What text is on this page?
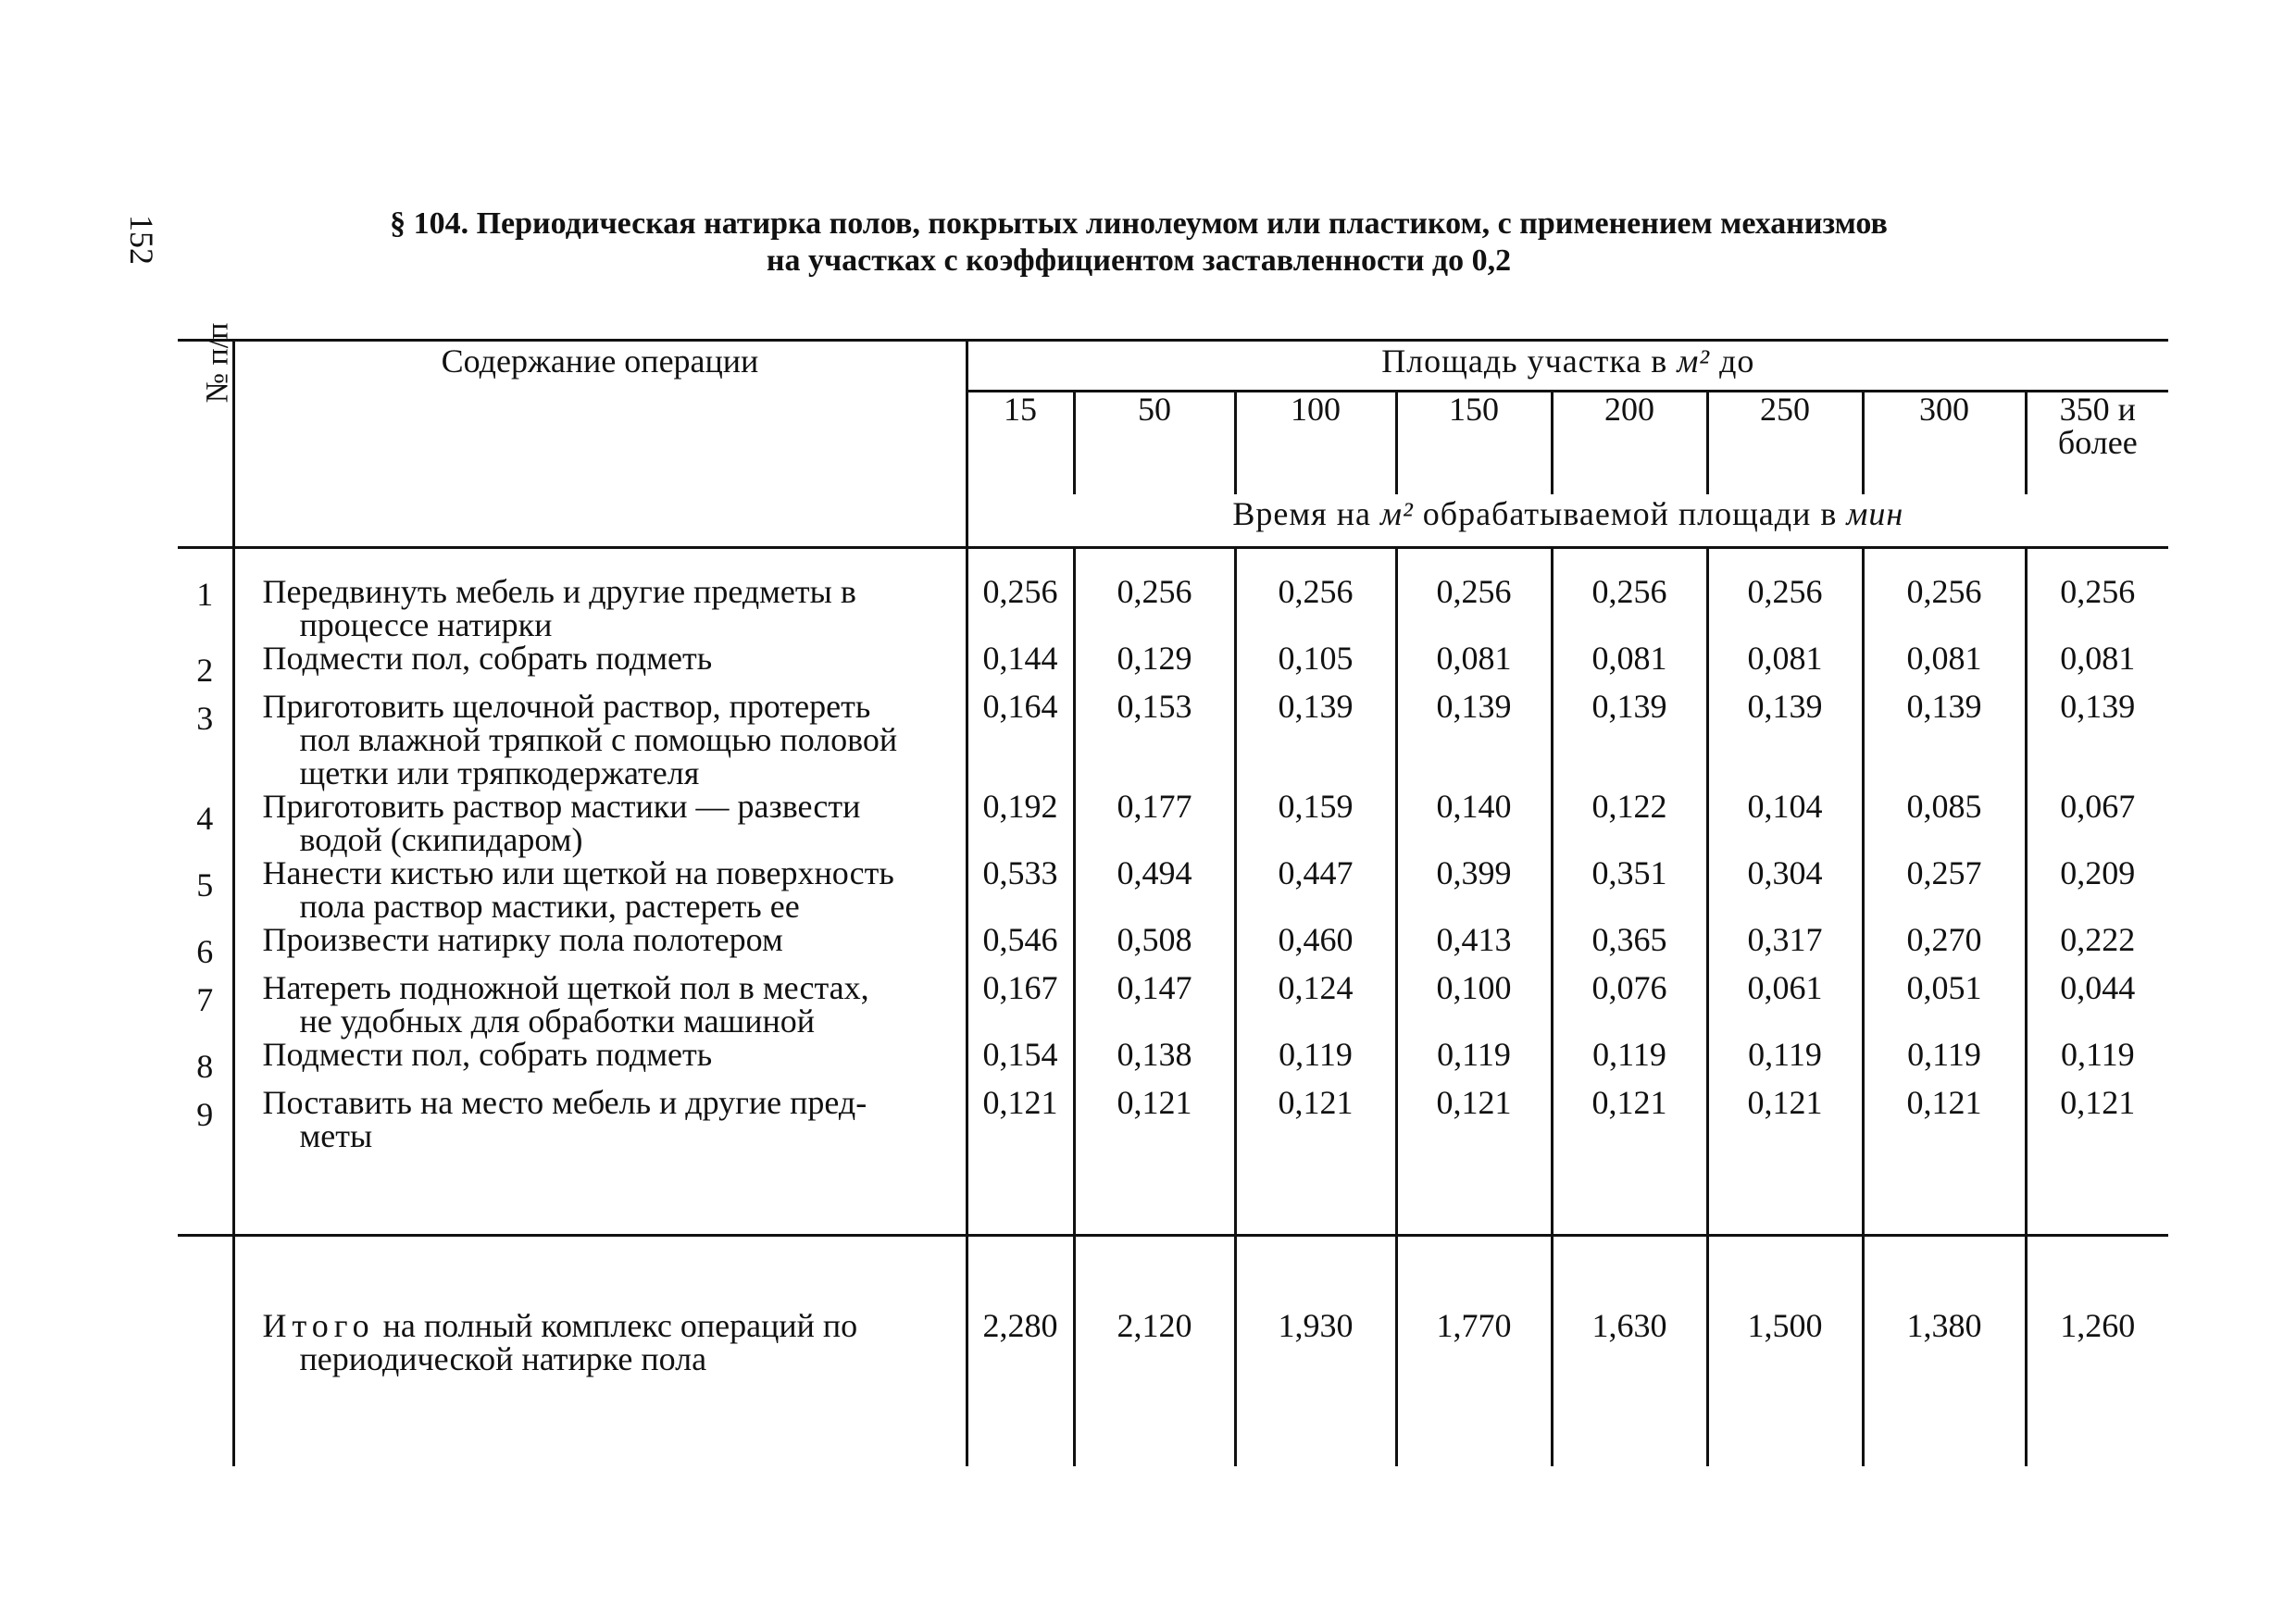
152	§ 104. Периодическая натирка полов, покрытых линолеумом или пластиком, с применением механизмов
на участках с коэффициентом заставленности до 0,2
№ п/п	Содержание операции	Площадь участка в м² до							
		15	50	100	150	200	250	300	350 и более
		Время на м² обрабатываемой площади в мин							
1	Передвинуть мебель и другие предметы в
процессе натирки	0,256	0,256	0,256	0,256	0,256	0,256	0,256	0,256
2	Подмести пол, собрать подметь	0,144	0,129	0,105	0,081	0,081	0,081	0,081	0,081
3	Приготовить щелочной раствор, протереть
пол влажной тряпкой с помощью половой
щетки или тряпкодержателя	0,164	0,153	0,139	0,139	0,139	0,139	0,139	0,139
4	Приготовить раствор мастики — развести
водой (скипидаром)	0,192	0,177	0,159	0,140	0,122	0,104	0,085	0,067
5	Нанести кистью или щеткой на поверхность
пола раствор мастики, растереть ее	0,533	0,494	0,447	0,399	0,351	0,304	0,257	0,209
6	Произвести натирку пола полотером	0,546	0,508	0,460	0,413	0,365	0,317	0,270	0,222
7	Натереть подножной щеткой пол в местах,
не удобных для обработки машиной	0,167	0,147	0,124	0,100	0,076	0,061	0,051	0,044
8	Подмести пол, собрать подметь	0,154	0,138	0,119	0,119	0,119	0,119	0,119	0,119
9	Поставить на место мебель и другие пред-
меты	0,121	0,121	0,121	0,121	0,121	0,121	0,121	0,121

	Итого на полный комплекс операций по
периодической натирке пола	2,280	2,120	1,930	1,770	1,630	1,500	1,380	1,260
